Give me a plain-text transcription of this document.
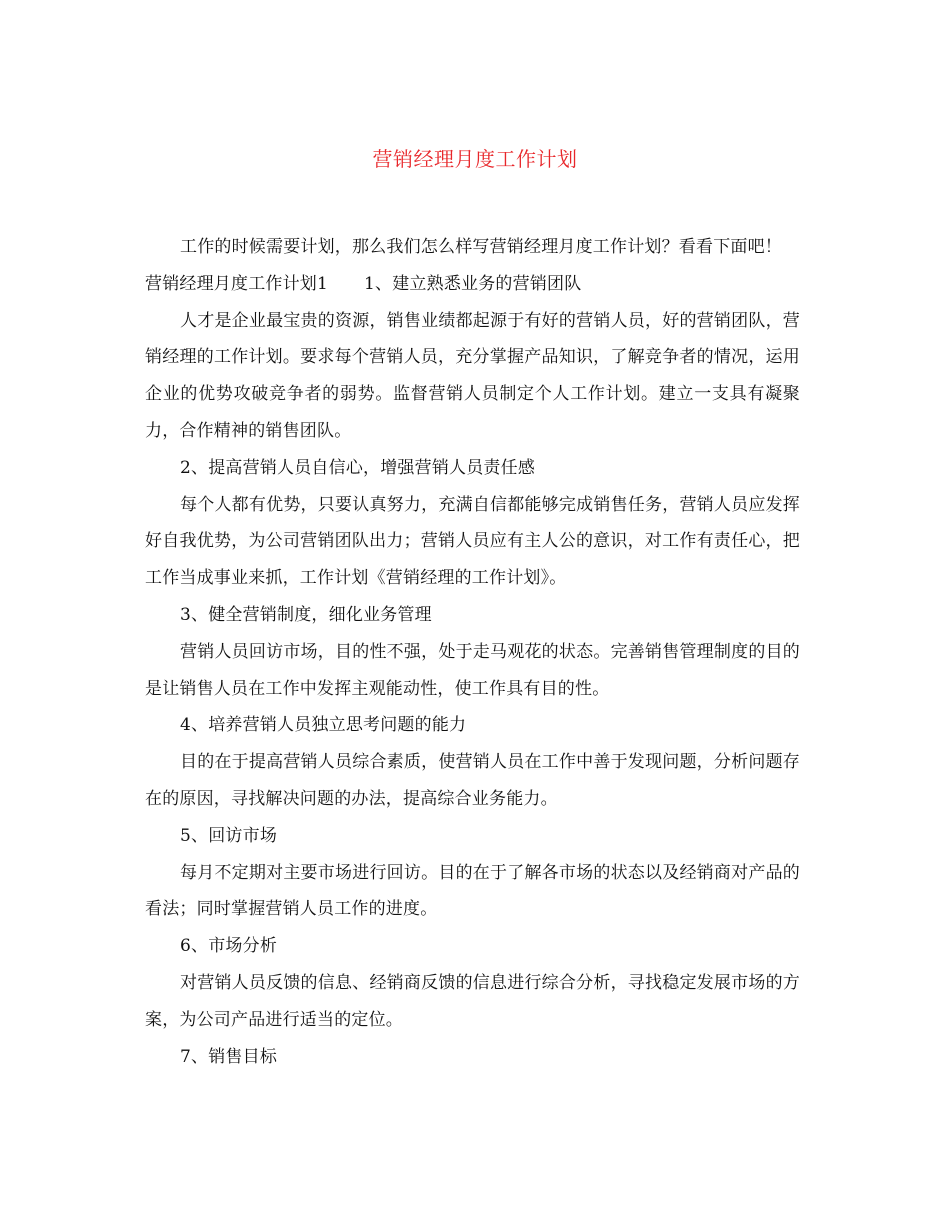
营销经理月度工作计划

工作的时候需要计划，那么我们怎么样写营销经理月度工作计划？看看下面吧！

营销经理月度工作计划1 1、建立熟悉业务的营销团队

人才是企业最宝贵的资源，销售业绩都起源于有好的营销人员，好的营销团队，营销经理的工作计划。要求每个营销人员，充分掌握产品知识，了解竞争者的情况，运用企业的优势攻破竞争者的弱势。监督营销人员制定个人工作计划。建立一支具有凝聚力，合作精神的销售团队。

2、提高营销人员自信心，增强营销人员责任感

每个人都有优势，只要认真努力，充满自信都能够完成销售任务，营销人员应发挥好自我优势，为公司营销团队出力；营销人员应有主人公的意识，对工作有责任心，把工作当成事业来抓，工作计划《营销经理的工作计划》。

3、健全营销制度，细化业务管理

营销人员回访市场，目的性不强，处于走马观花的状态。完善销售管理制度的目的是让销售人员在工作中发挥主观能动性，使工作具有目的性。

4、培养营销人员独立思考问题的能力

目的在于提高营销人员综合素质，使营销人员在工作中善于发现问题，分析问题存在的原因，寻找解决问题的办法，提高综合业务能力。

5、回访市场

每月不定期对主要市场进行回访。目的在于了解各市场的状态以及经销商对产品的看法；同时掌握营销人员工作的进度。

6、市场分析

对营销人员反馈的信息、经销商反馈的信息进行综合分析，寻找稳定发展市场的方案，为公司产品进行适当的定位。

7、销售目标
